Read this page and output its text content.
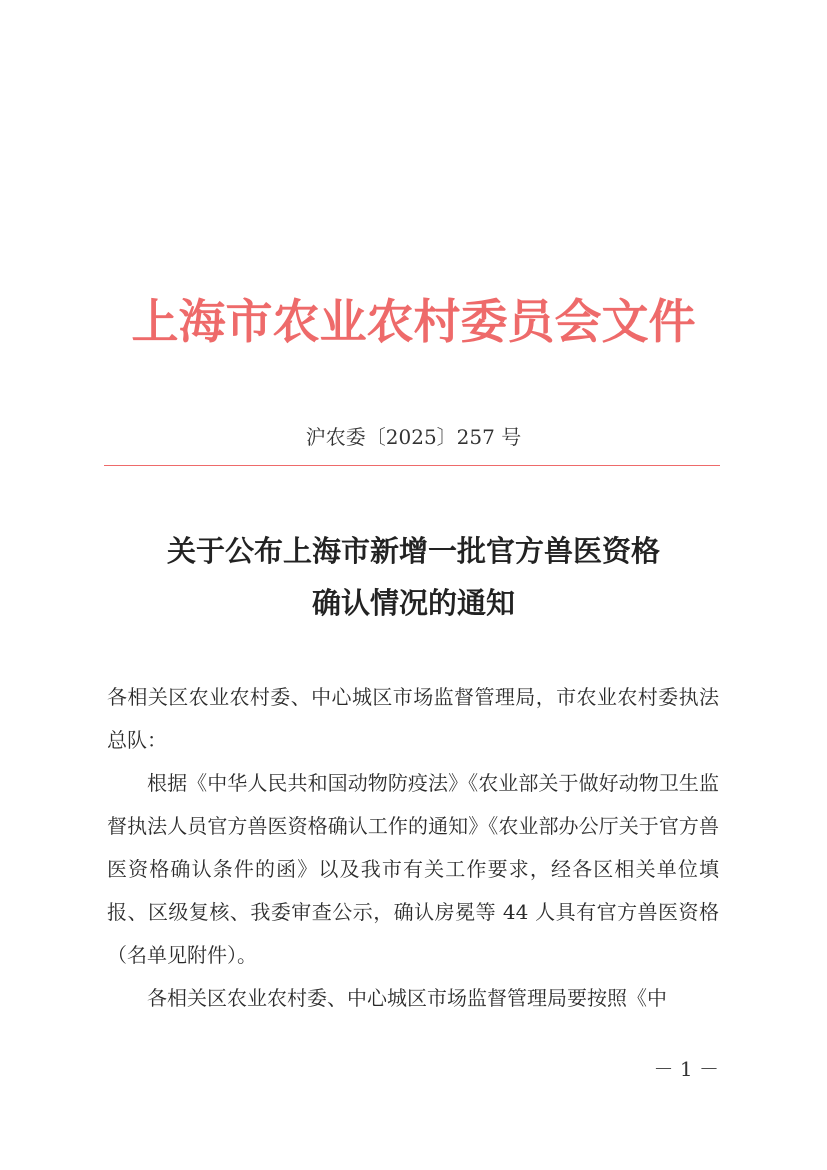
上海市农业农村委员会文件
沪农委〔2025〕257 号
关于公布上海市新增一批官方兽医资格
确认情况的通知

各相关区农业农村委、中心城区市场监督管理局，市农业农村委执法总队：

根据《中华人民共和国动物防疫法》《农业部关于做好动物卫生监督执法人员官方兽医资格确认工作的通知》《农业部办公厅关于官方兽医资格确认条件的函》以及我市有关工作要求，经各区相关单位填报、区级复核、我委审查公示，确认房冕等 44 人具有官方兽医资格（名单见附件）。

各相关区农业农村委、中心城区市场监督管理局要按照《中

－ 1 －
